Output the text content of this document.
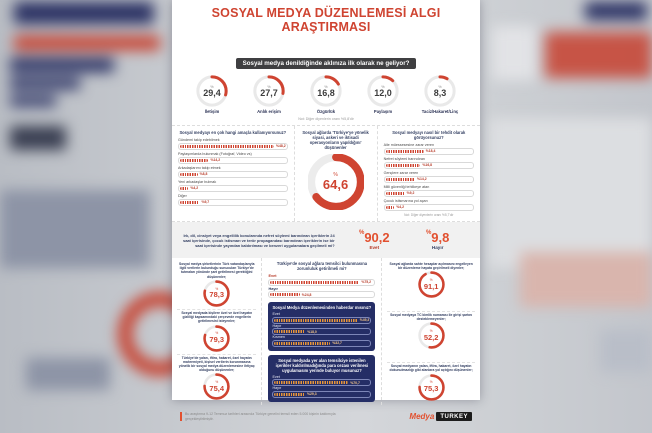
SOSYAL MEDYA DÜZENLEMESİ ALGI ARAŞTIRMASI

Sosyal medya denildiğinde aklınıza ilk olarak ne geliyor?
%
29,4
İletişim
%
27,7
Anlık erişim
%
16,8
Özgürlük
%
12,0
Paylaşım
%
8,3
Taciz/Hakaret/Linç
Not: Diğer diyenlerin oranı %5,8'dir
Sosyal medyayı en çok hangi amaçla kullanıyorsunuz?
Gündemi takip edebilmek
%48,2
Paylaşımlarda bulunmak (Fotoğraf, Video vs)
%14,2
Arkadaşlarımı takip etmek
%8,8
Yeni arkadaşlar bulmak
%4,2
Diğer
%9,7
Sosyal ağlarda 'Türkiye'ye yönelik siyasi, askeri ve iktisadi operasyonların yapıldığını' düşünenler
%
64,6
Sosyal medyayı nasıl bir tehdit olarak görüyorsunuz?
Aile müessesesine zarar veren
%18,4
Nefret söylemi barındıran
%16,8
Gençlere zarar veren
%14,2
Milli güvenliği tehlikeye atan
%9,2
Çocuk istismarına yol açan
%4,2
Not: Diğer diyenlerin oranı %5,7'dir
Irk, dil, cinsiyet veya engellilik konularında nefret söylemi barındıran içeriklerin 24 saat içerisinde, çocuk istismarı ve terör propagandası barındıran içeriklerin ise bir saat içerisinde yayından kaldırılması ve benzeri uygulamalara geçilmeli mi?
%90,2
Evet
%9,8
Hayır
Sosyal medya şirketlerinin Türk vatandaşlarıyla ilgili verilerin bulunduğu sunucuları Türkiye'de tutmaları yönünde şart getirilmesi gerektiğini düşünenler;
%
78,3
Sosyal medyada kişilere özel ve özel hayatın gizliliği kapsamındaki çerçevede engellerin getirilmesini isteyenler;
%
79,3
Türkiye'de yalan, iftira, hakaret, özel hayatın mahremiyeti, kişisel verilerin korunmasına yönelik bir sosyal medya düzenlemesine ihtiyaç olduğunu düşünenler;
%
75,4
Türkiye'de sosyal ağlara temsilci bulunmasına zorunluluk getirilmeli mi?
Evet
%75,2
Hayır
%24,8
Sosyal Medya düzenlemesinden haberdar mısınız?
Evet
%49,3
Hayır
%18,0
Kısmen
%32,7
Sosyal medyada yer alan temsilciye istenilen içerikler kaldırılmadığında para cezası verilmesi uygulamasını yerinde buluyor musunuz?
Evet
%70,7
Hayır
%29,3
Sosyal ağlarda sahte hesaplar açılmasını engelleyen bir düzenleme hayata geçirilmeli diyenler;
%
91,1
Sosyal medyaya TC kimlik numarası ile girişi şartını desteklemeyenler;
%
52,2
Sosyal medyanın yalan, iftira, hakaret, özel hayatın dokunulmazlığı gibi alanlara yol açtığını düşünenler;
%
75,3
Bu araştırma 9-12 Temmuz tarihleri arasında Türkiye genelini temsil eden 5.000 kişinin katılımıyla gerçekleştirilmiştir.	Medya	TURKEY
